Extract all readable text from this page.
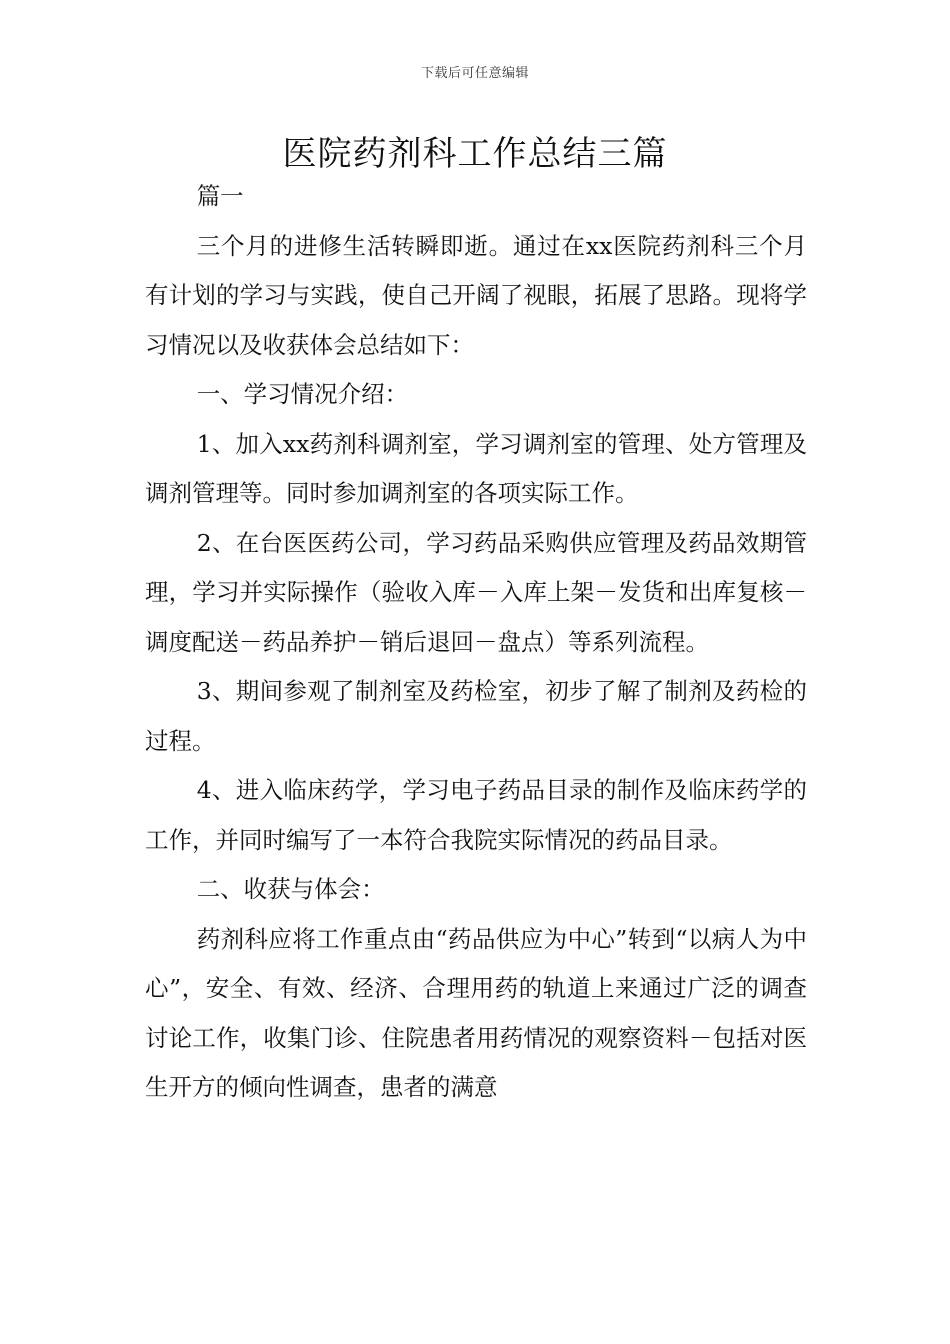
下载后可任意编辑
医院药剂科工作总结三篇

篇一

三个月的进修生活转瞬即逝。通过在xx医院药剂科三个月有计划的学习与实践，使自己开阔了视眼，拓展了思路。现将学习情况以及收获体会总结如下：

一、学习情况介绍：

1、加入xx药剂科调剂室，学习调剂室的管理、处方管理及调剂管理等。同时参加调剂室的各项实际工作。

2、在台医医药公司，学习药品采购供应管理及药品效期管理，学习并实际操作（验收入库－入库上架－发货和出库复核－调度配送－药品养护－销后退回－盘点）等系列流程。

3、期间参观了制剂室及药检室，初步了解了制剂及药检的过程。

4、进入临床药学，学习电子药品目录的制作及临床药学的工作，并同时编写了一本符合我院实际情况的药品目录。

二、收获与体会：

药剂科应将工作重点由“药品供应为中心”转到“以病人为中心”，安全、有效、经济、合理用药的轨道上来通过广泛的调查讨论工作，收集门诊、住院患者用药情况的观察资料－包括对医生开方的倾向性调查，患者的满意
